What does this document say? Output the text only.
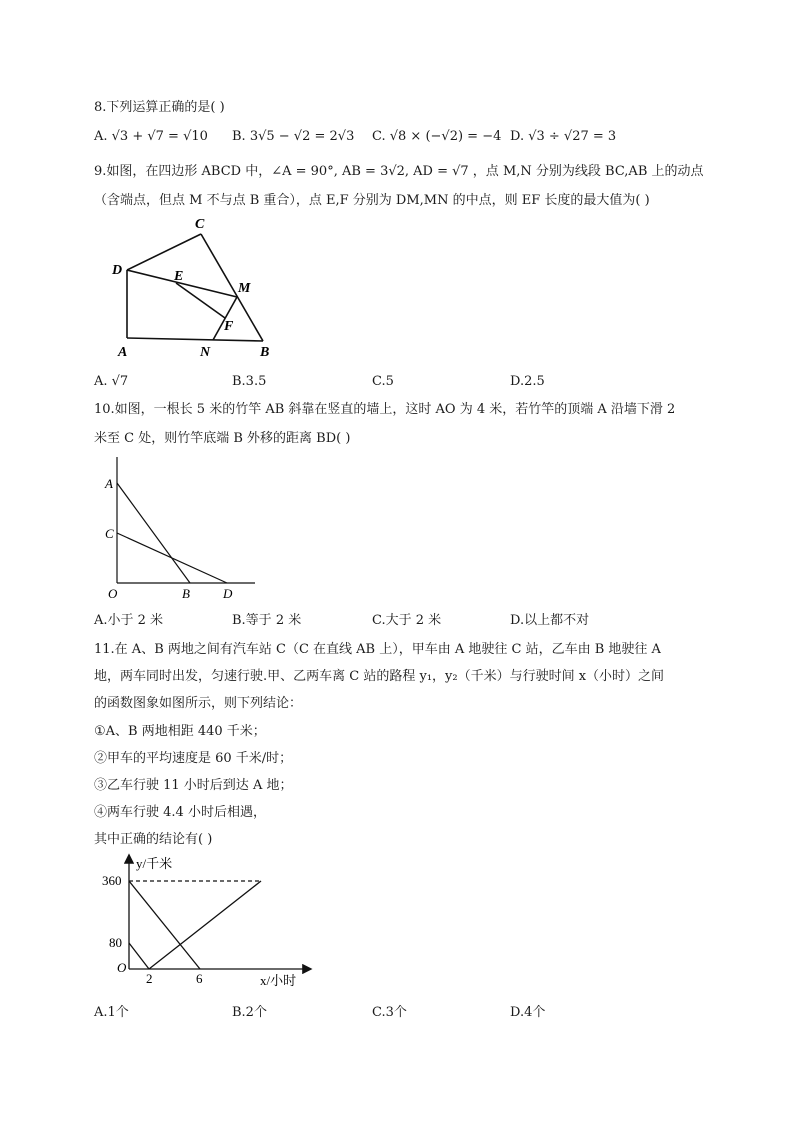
8.下列运算正确的是( )
A. √3 + √7 = √10 B. 3√5 − √2 = 2√3 C. √8 × (−√2) = −4 D. √3 ÷ √27 = 3
9.如图，在四边形 ABCD 中，∠A = 90°, AB = 3√2, AD = √7 ，点 M,N 分别为线段 BC,AB 上的动点
（含端点，但点 M 不与点 B 重合），点 E,F 分别为 DM,MN 的中点，则 EF 长度的最大值为( )
C
D	E
M
F
A	N	B
A. √7	B.3.5	C.5	D.2.5
10.如图，一根长 5 米的竹竿 AB 斜靠在竖直的墙上，这时 AO 为 4 米，若竹竿的顶端 A 沿墙下滑 2
米至 C 处，则竹竿底端 B 外移的距离 BD( )
A
C
O	B	D
A.小于 2 米	B.等于 2 米	C.大于 2 米	D.以上都不对
11.在 A、B 两地之间有汽车站 C（C 在直线 AB 上），甲车由 A 地驶往 C 站，乙车由 B 地驶往 A
地，两车同时出发，匀速行驶.甲、乙两车离 C 站的路程 y₁，y₂（千米）与行驶时间 x（小时）之间
的函数图象如图所示，则下列结论：
①A、B 两地相距 440 千米；
②甲车的平均速度是 60 千米/时；
③乙车行驶 11 小时后到达 A 地；
④两车行驶 4.4 小时后相遇，
其中正确的结论有( )
y/千米
x/小时
360
80
O
2	6
A.1个	B.2个	C.3个	D.4个
